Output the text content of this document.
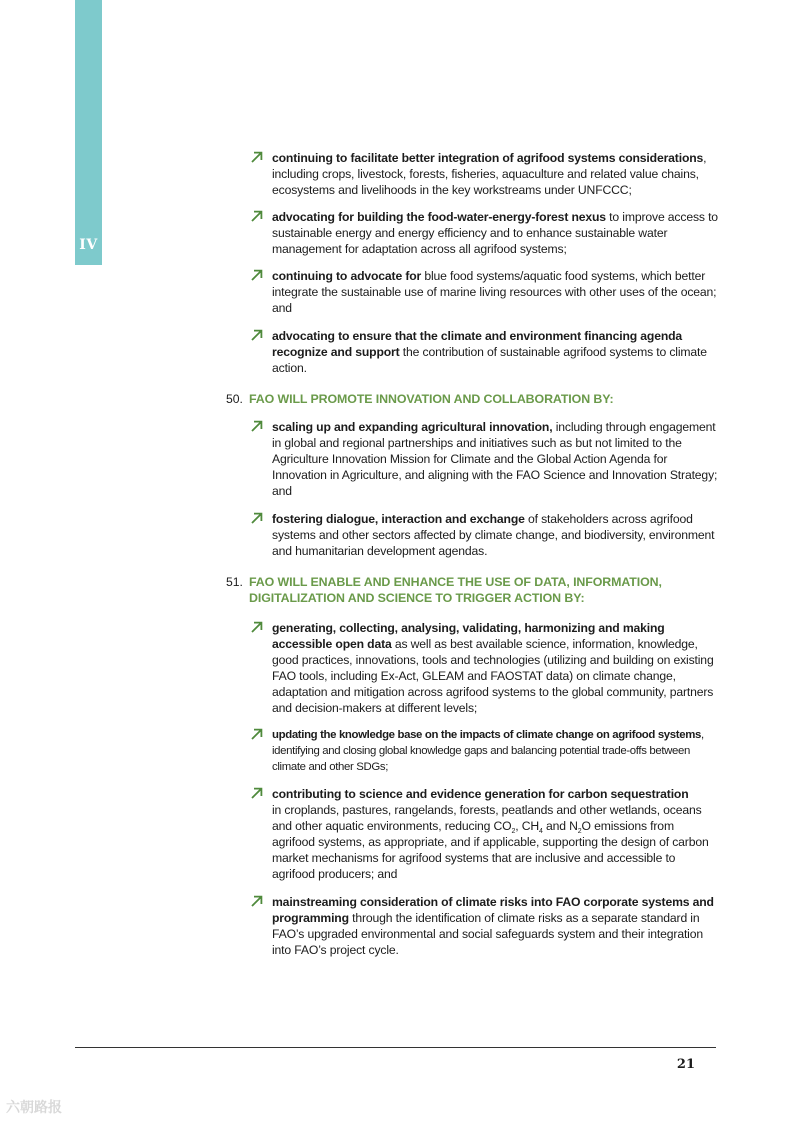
IV
continuing to facilitate better integration of agrifood systems considerations, including crops, livestock, forests, fisheries, aquaculture and related value chains, ecosystems and livelihoods in the key workstreams under UNFCCC;
advocating for building the food-water-energy-forest nexus to improve access to sustainable energy and energy efficiency and to enhance sustainable water management for adaptation across all agrifood systems;
continuing to advocate for blue food systems/aquatic food systems, which better integrate the sustainable use of marine living resources with other uses of the ocean; and
advocating to ensure that the climate and environment financing agenda recognize and support the contribution of sustainable agrifood systems to climate action.
50. FAO WILL PROMOTE INNOVATION AND COLLABORATION BY:
scaling up and expanding agricultural innovation, including through engagement in global and regional partnerships and initiatives such as but not limited to the Agriculture Innovation Mission for Climate and the Global Action Agenda for Innovation in Agriculture, and aligning with the FAO Science and Innovation Strategy; and
fostering dialogue, interaction and exchange of stakeholders across agrifood systems and other sectors affected by climate change, and biodiversity, environment and humanitarian development agendas.
51. FAO WILL ENABLE AND ENHANCE THE USE OF DATA, INFORMATION,
DIGITALIZATION AND SCIENCE TO TRIGGER ACTION BY:
generating, collecting, analysing, validating, harmonizing and making accessible open data as well as best available science, information, knowledge, good practices, innovations, tools and technologies (utilizing and building on existing FAO tools, including Ex-Act, GLEAM and FAOSTAT data) on climate change, adaptation and mitigation across agrifood systems to the global community, partners and decision-makers at different levels;
updating the knowledge base on the impacts of climate change on agrifood systems, identifying and closing global knowledge gaps and balancing potential trade-offs between climate and other SDGs;
contributing to science and evidence generation for carbon sequestration
in croplands, pastures, rangelands, forests, peatlands and other wetlands, oceans and other aquatic environments, reducing $CO_2$, $CH_4$ and $N_2O$ emissions from agrifood systems, as appropriate, and if applicable, supporting the design of carbon market mechanisms for agrifood systems that are inclusive and accessible to agrifood producers; and
mainstreaming consideration of climate risks into FAO corporate systems and programming through the identification of climate risks as a separate standard in FAO’s upgraded environmental and social safeguards system and their integration into FAO’s project cycle.
21
六朝路报
